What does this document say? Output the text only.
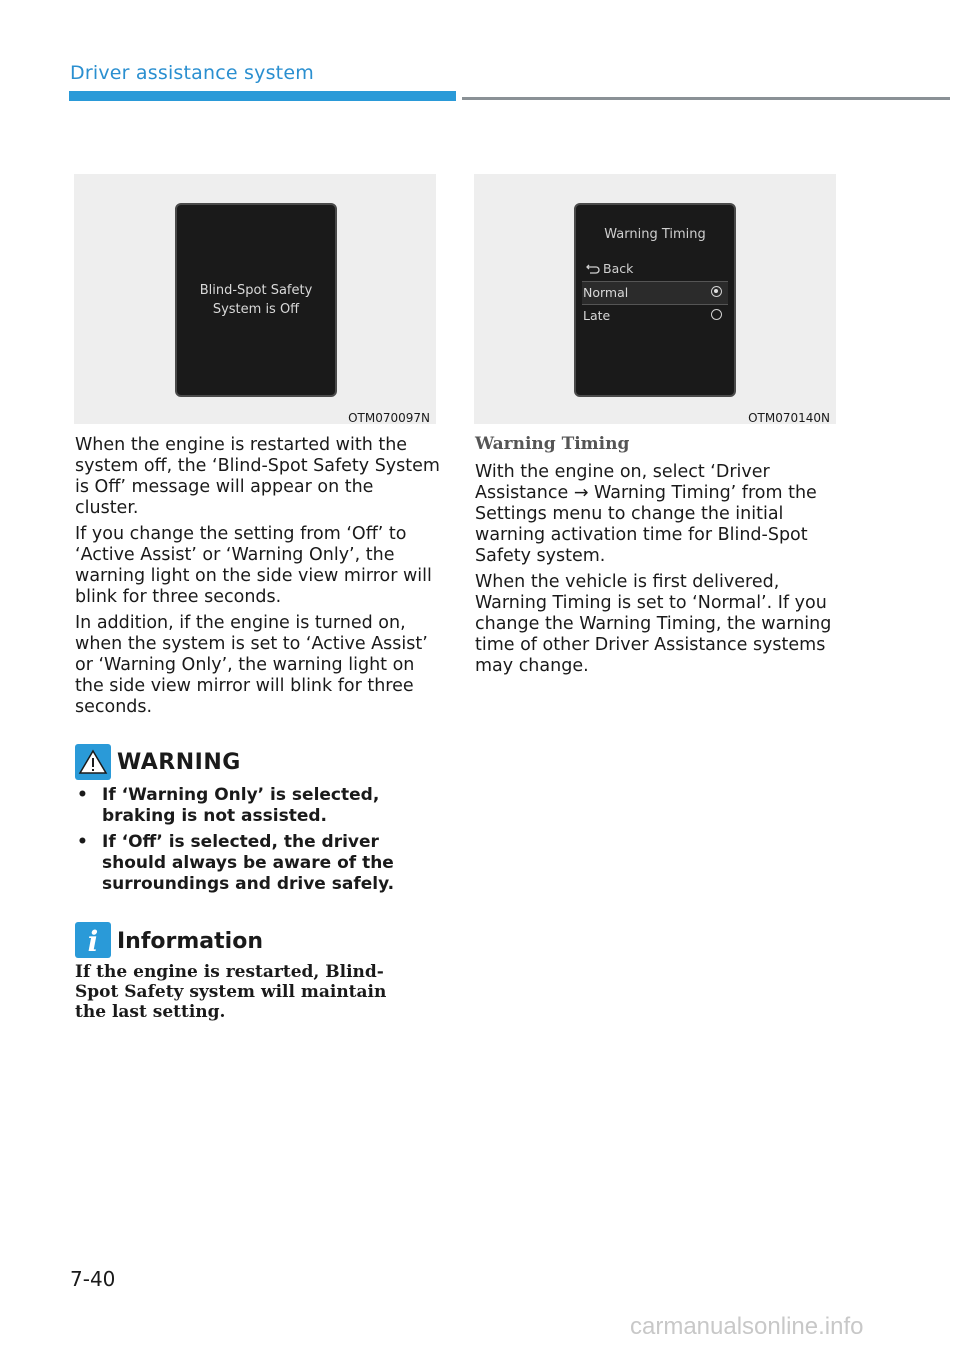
Driver assistance system
Blind-Spot Safety
System is Off
OTM070097N
Warning Timing
Back
Normal
Late
OTM070140N

When the engine is restarted with the system off, the ‘Blind-Spot Safety System is Off’ message will appear on the cluster.

If you change the setting from ‘Off’ to ‘Active Assist’ or ‘Warning Only’, the warning light on the side view mirror will blink for three seconds.

In addition, if the engine is turned on, when the system is set to ‘Active Assist’ or ‘Warning Only’, the warning light on the side view mirror will blink for three seconds.

WARNING
• If ‘Warning Only’ is selected, braking is not assisted.
• If ‘Off’ is selected, the driver should always be aware of the surroundings and drive safely.
i Information
If the engine is restarted, Blind-Spot Safety system will maintain the last setting.
Warning Timing

With the engine on, select ‘Driver Assistance → Warning Timing’ from the Settings menu to change the initial warning activation time for Blind-Spot Safety system.

When the vehicle is first delivered, Warning Timing is set to ‘Normal’. If you change the Warning Timing, the warning time of other Driver Assistance systems may change.

7-40
carmanualsonline.info
